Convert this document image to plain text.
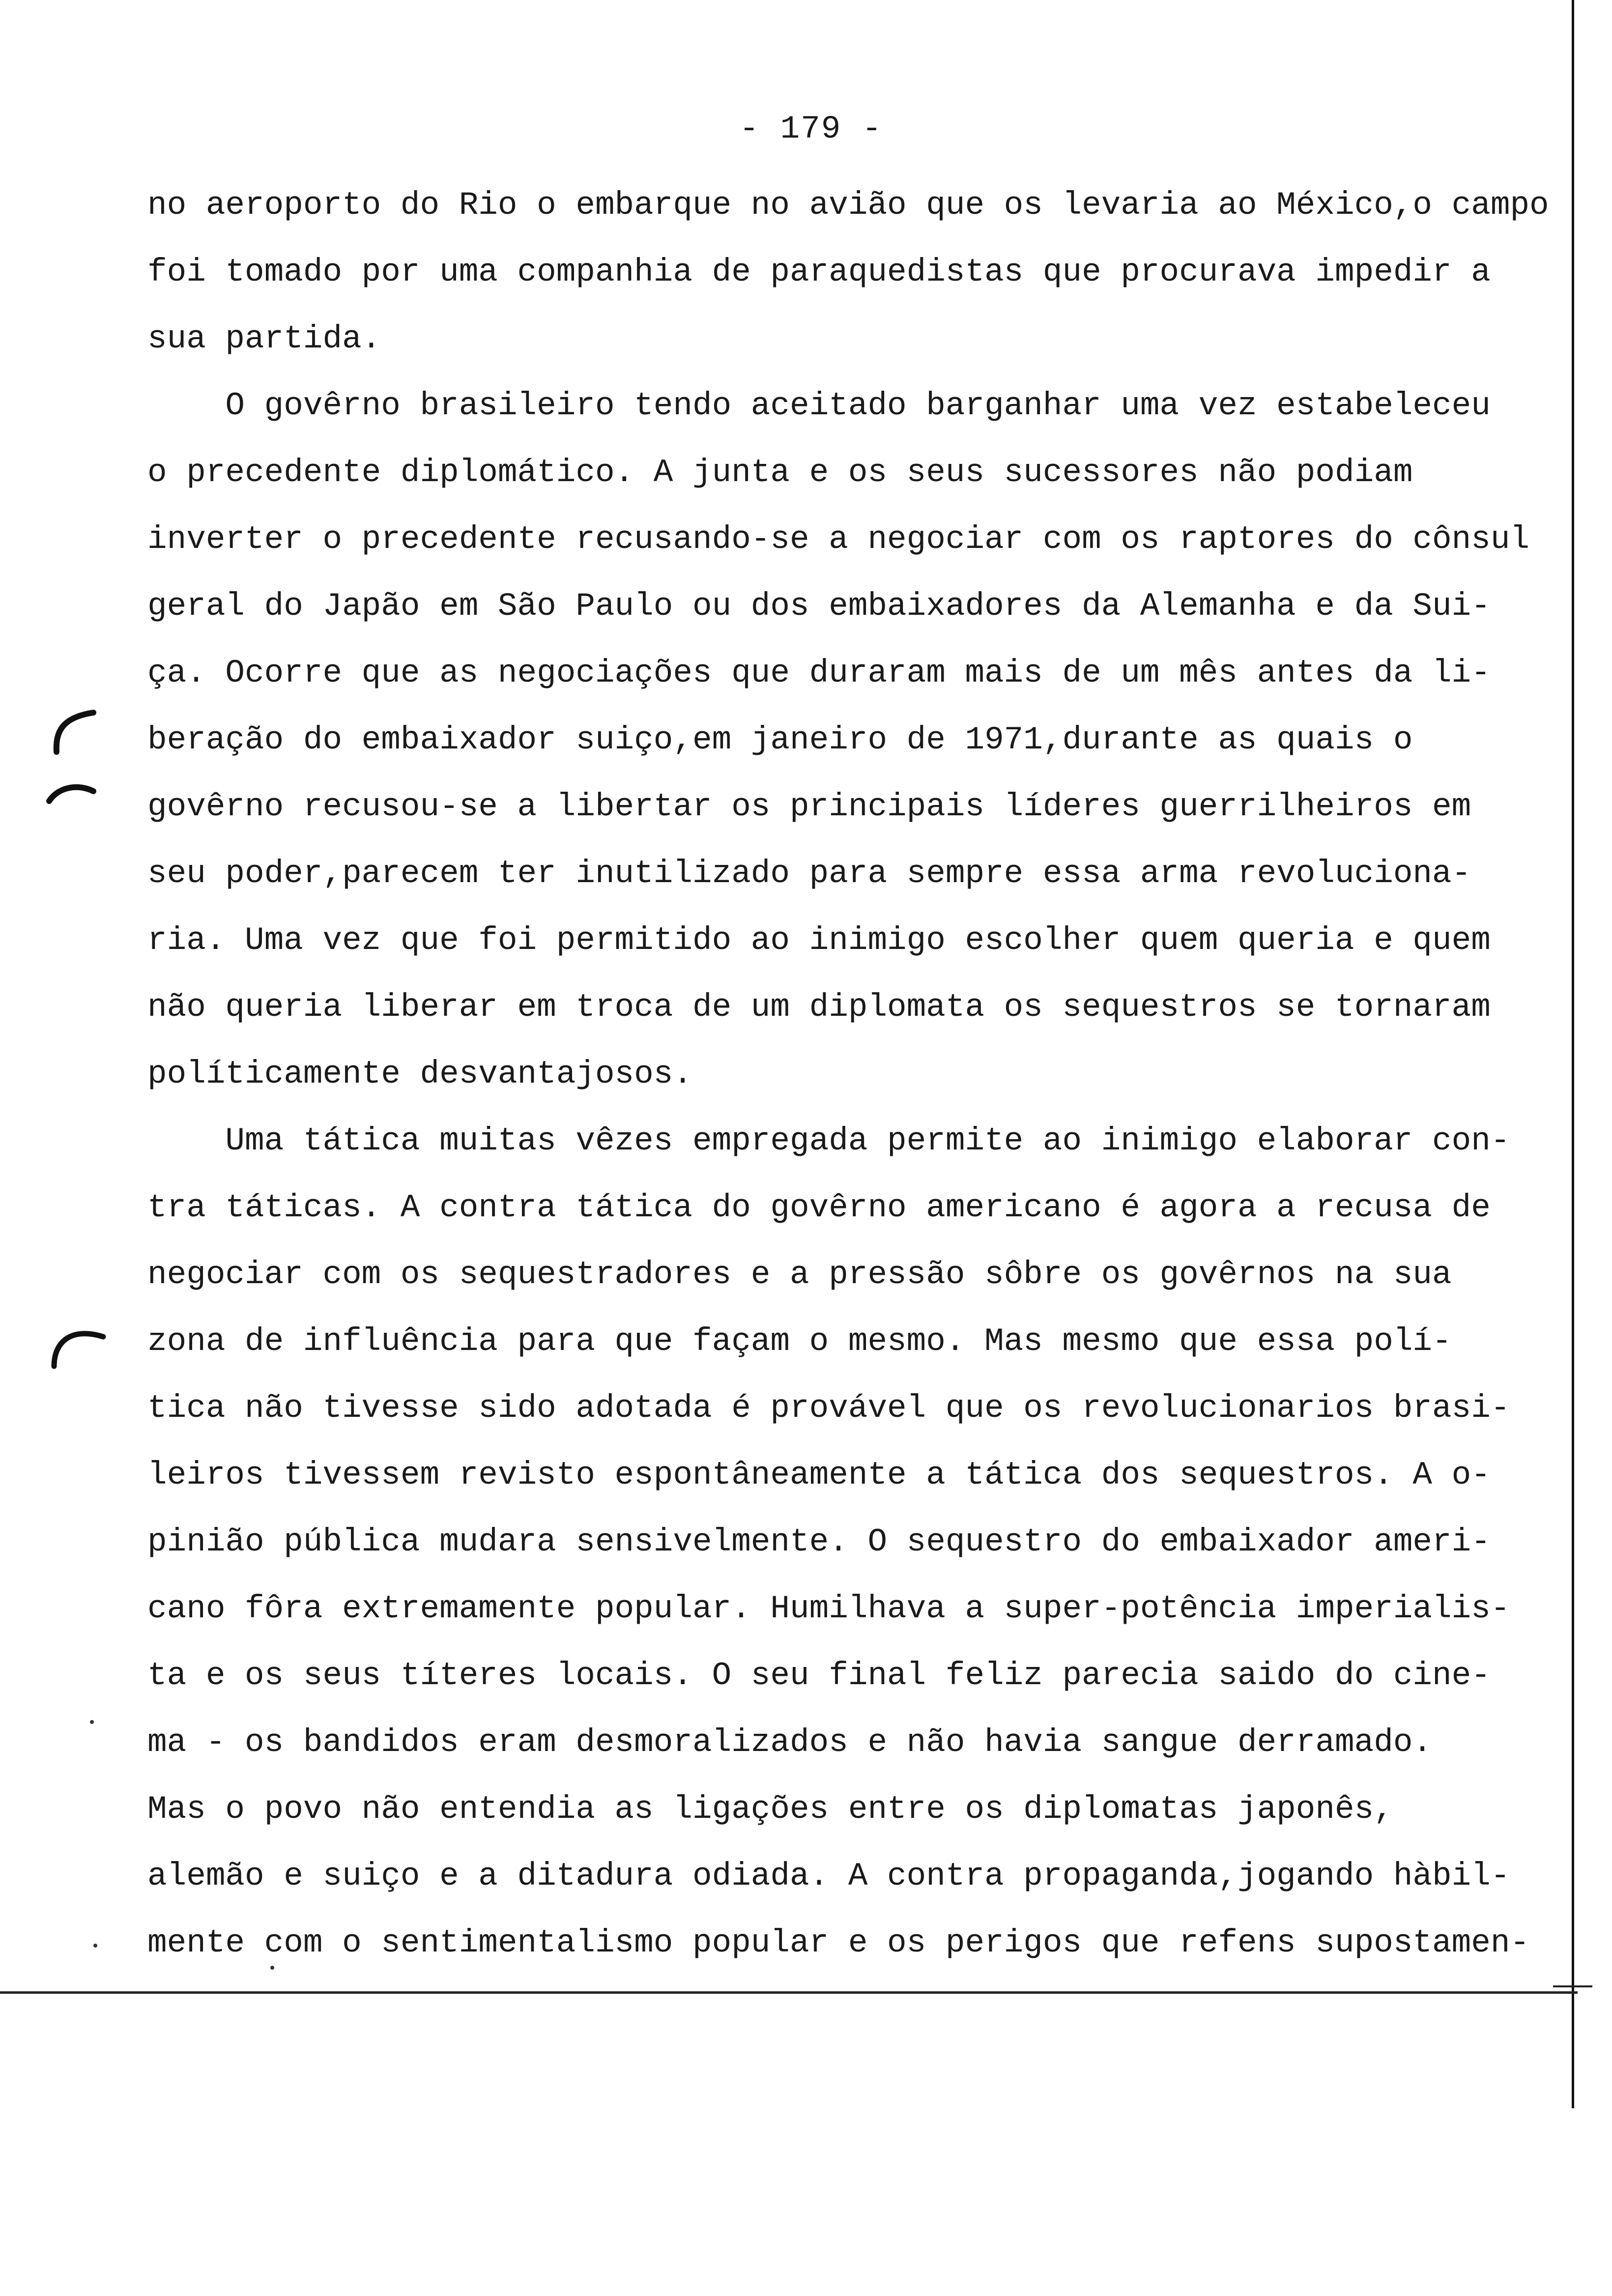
- 179 -
no aeroporto do Rio o embarque no avião que os levaria ao México,o campo
foi tomado por uma companhia de paraquedistas que procurava impedir a
sua partida.
O govêrno brasileiro tendo aceitado barganhar uma vez estabeleceu
o precedente diplomático. A junta e os seus sucessores não podiam
inverter o precedente recusando-se a negociar com os raptores do cônsul
geral do Japão em São Paulo ou dos embaixadores da Alemanha e da Sui-
ça. Ocorre que as negociações que duraram mais de um mês antes da li-
beração do embaixador suiço,em janeiro de 1971,durante as quais o
govêrno recusou-se a libertar os principais líderes guerrilheiros em
seu poder,parecem ter inutilizado para sempre essa arma revoluciona-
ria. Uma vez que foi permitido ao inimigo escolher quem queria e quem
não queria liberar em troca de um diplomata os sequestros se tornaram
políticamente desvantajosos.
Uma tática muitas vêzes empregada permite ao inimigo elaborar con-
tra táticas. A contra tática do govêrno americano é agora a recusa de
negociar com os sequestradores e a pressão sôbre os govêrnos na sua
zona de influência para que façam o mesmo. Mas mesmo que essa polí-
tica não tivesse sido adotada é provável que os revolucionarios brasi-
leiros tivessem revisto espontâneamente a tática dos sequestros. A o-
pinião pública mudara sensivelmente. O sequestro do embaixador ameri-
cano fôra extremamente popular. Humilhava a super-potência imperialis-
ta e os seus títeres locais. O seu final feliz parecia saido do cine-
ma - os bandidos eram desmoralizados e não havia sangue derramado.
Mas o povo não entendia as ligações entre os diplomatas japonês,
alemão e suiço e a ditadura odiada. A contra propaganda,jogando hàbil-
mente com o sentimentalismo popular e os perigos que refens supostamen-
